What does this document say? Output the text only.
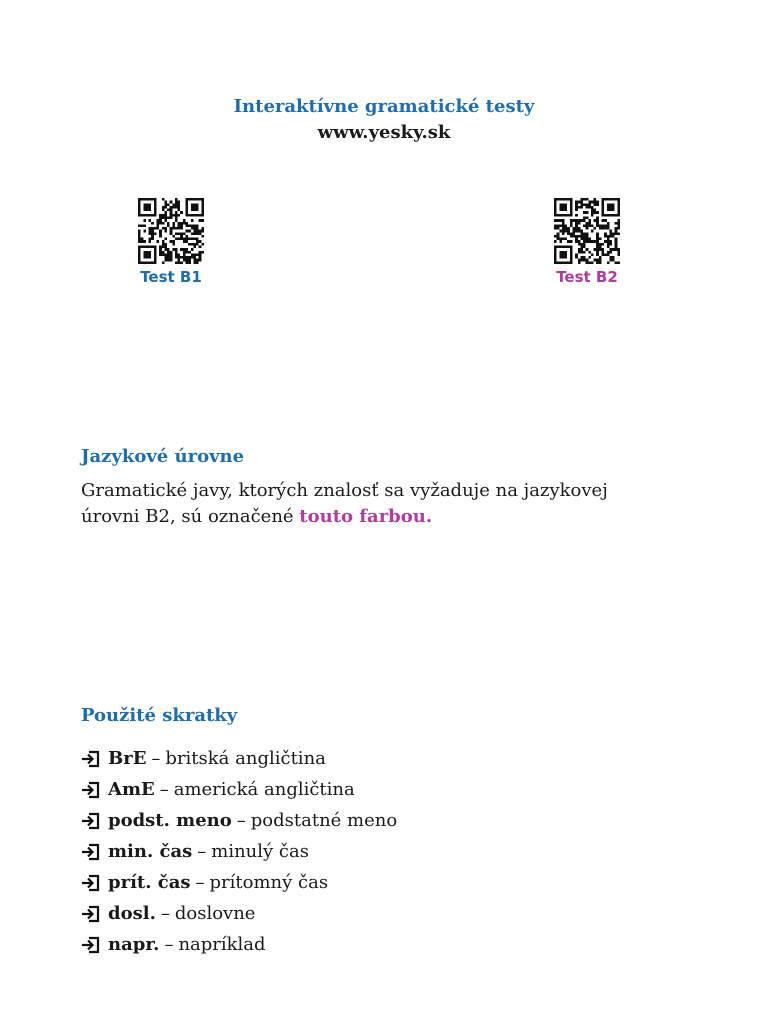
Interaktívne gramatické testy
www.yesky.sk
Test B1	Test B2
Jazykové úrovne
Gramatické javy, ktorých znalosť sa vyžaduje na jazykovej úrovni B2, sú označené touto farbou.
Použité skratky
BrE – britská angličtina
AmE – americká angličtina
podst. meno – podstatné meno
min. čas – minulý čas
prít. čas – prítomný čas
dosl. – doslovne
napr. – napríklad
